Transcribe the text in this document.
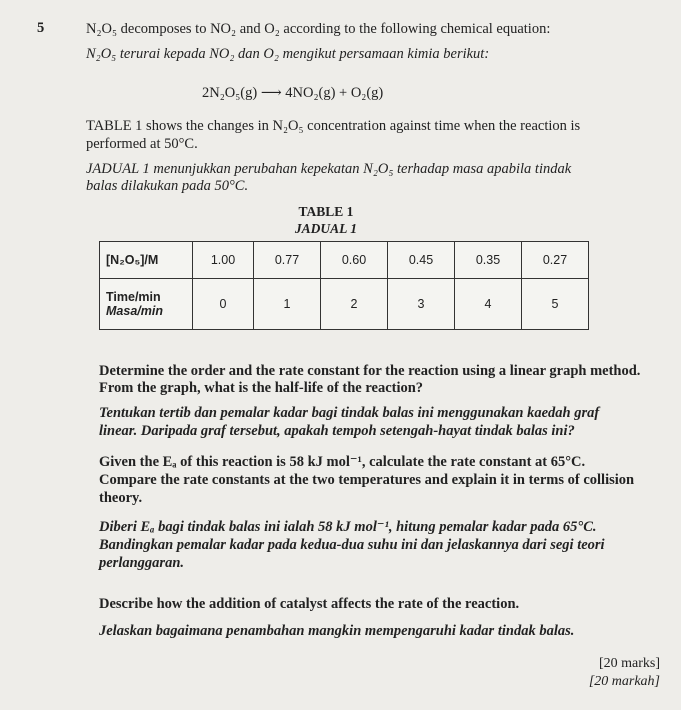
5	N₂O₅ decomposes to NO₂ and O₂ according to the following chemical equation:
N₂O₅ terurai kepada NO₂ dan O₂ mengikut persamaan kimia berikut:
2N₂O₅(g) ⟶ 4NO₂(g) + O₂(g)
TABLE 1 shows the changes in N₂O₅ concentration against time when the reaction is
performed at 50°C.
JADUAL 1 menunjukkan perubahan kepekatan N₂O₅ terhadap masa apabila tindak
balas dilakukan pada 50°C.
TABLE 1
JADUAL 1
[N₂O₅]/M	1.00	0.77	0.60	0.45	0.35	0.27

Time/min
Masa/min	0	1	2	3	4	5
Determine the order and the rate constant for the reaction using a linear graph method.
From the graph, what is the half-life of the reaction?
Tentukan tertib dan pemalar kadar bagi tindak balas ini menggunakan kaedah graf
linear. Daripada graf tersebut, apakah tempoh setengah-hayat tindak balas ini?
Given the Eₐ of this reaction is 58 kJ mol⁻¹, calculate the rate constant at 65°C.
Compare the rate constants at the two temperatures and explain it in terms of collision
theory.
Diberi Eₐ bagi tindak balas ini ialah 58 kJ mol⁻¹, hitung pemalar kadar pada 65°C.
Bandingkan pemalar kadar pada kedua-dua suhu ini dan jelaskannya dari segi teori
perlanggaran.
Describe how the addition of catalyst affects the rate of the reaction.
Jelaskan bagaimana penambahan mangkin mempengaruhi kadar tindak balas.
[20 marks]
[20 markah]
